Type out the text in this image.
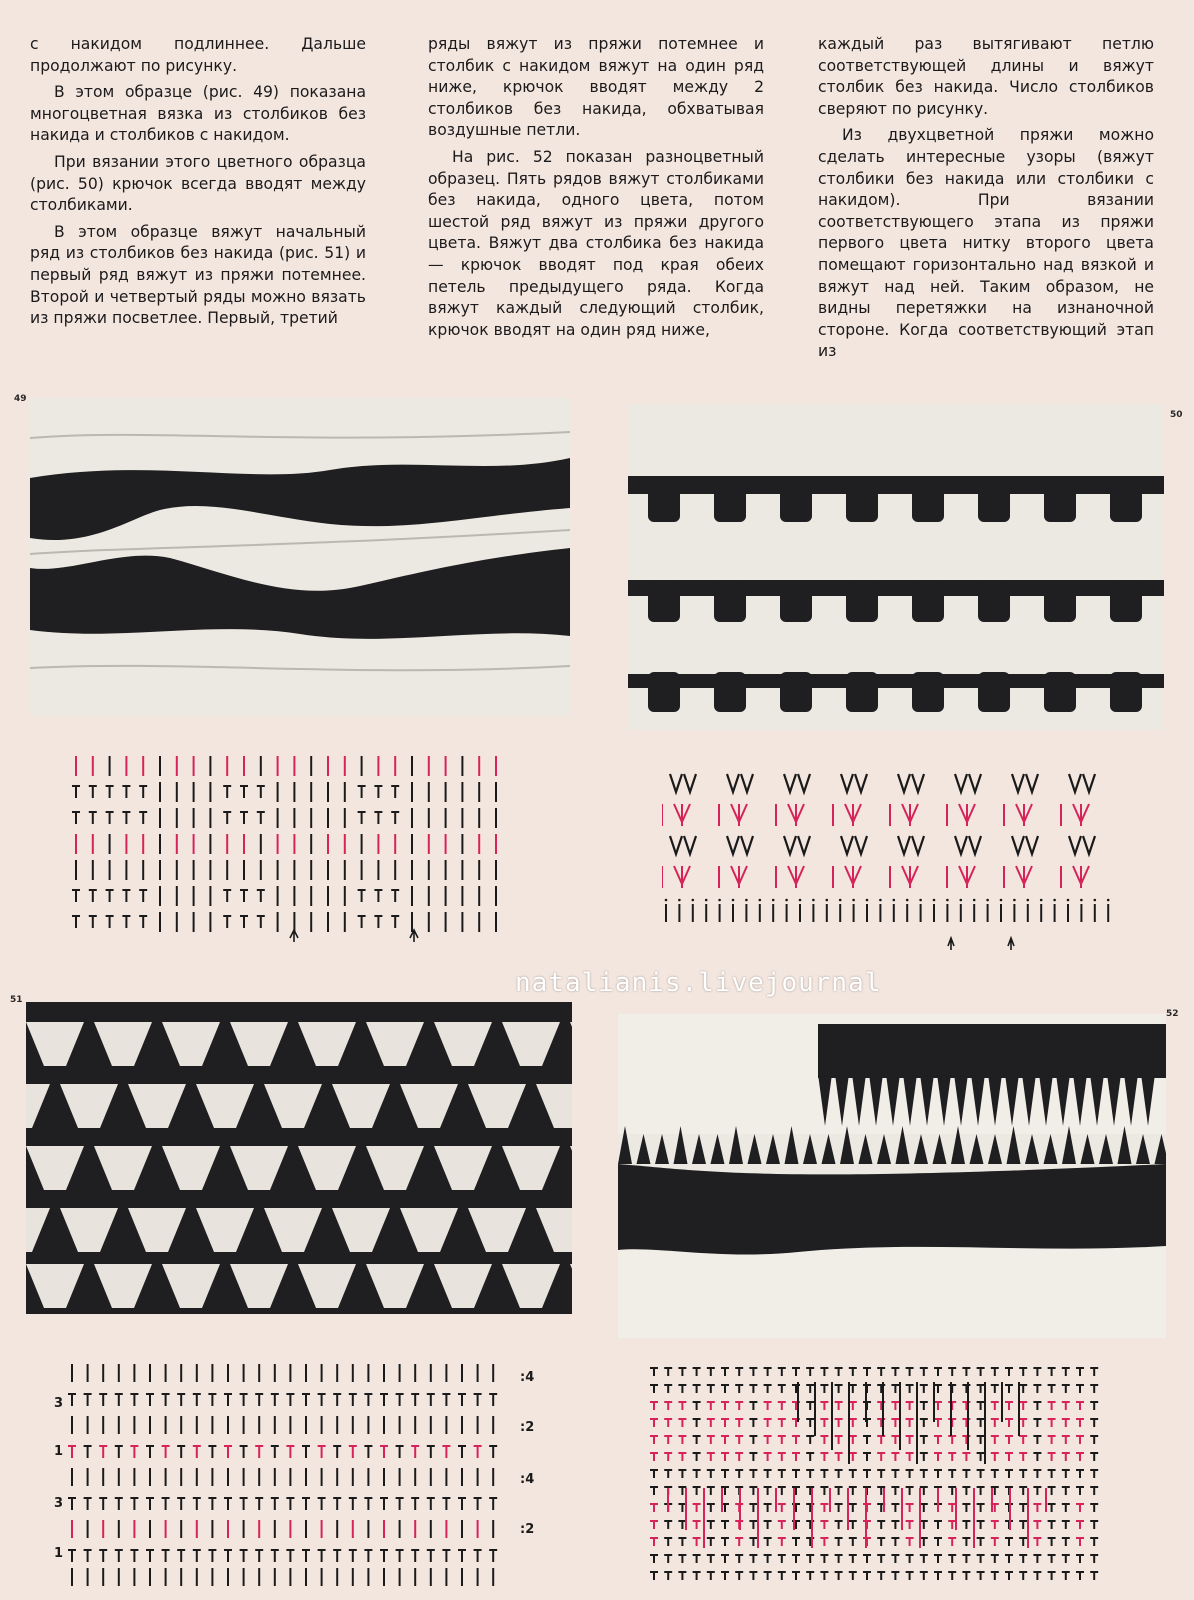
с накидом подлиннее. Дальше продолжают по рисунку.

В этом образце (рис. 49) показана многоцветная вязка из столбиков без накида и столбиков с накидом.

При вязании этого цветного образца (рис. 50) крючок всегда вводят между столбиками.

В этом образце вяжут начальный ряд из столбиков без накида (рис. 51) и первый ряд вяжут из пряжи потемнее. Второй и четвертый ряды можно вязать из пряжи посветлее. Первый, третий

ряды вяжут из пряжи потемнее и столбик с накидом вяжут на один ряд ниже, крючок вводят между 2 столбиков без накида, обхватывая воздушные петли.

На рис. 52 показан разноцветный образец. Пять рядов вяжут столбиками без накида, одного цвета, потом шестой ряд вяжут из пряжи другого цвета. Вяжут два столбика без накида — крючок вводят под края обеих петель предыдущего ряда. Когда вяжут каждый следующий столбик, крючок вводят на один ряд ниже,

каждый раз вытягивают петлю соответствующей длины и вяжут столбик без накида. Число столбиков сверяют по рисунку.

Из двухцветной пряжи можно сделать интересные узоры (вяжут столбики без накида или столбики с накидом). При вязании соответствующего этапа из пряжи первого цвета нитку второго цвета помещают горизонтально над вязкой и вяжут над ней. Таким образом, не видны перетяжки на изнаночной стороне. Когда соответствующий этап из

49
50
51
52
3
1
3
1
:4
:2
:4
:2
natalianis.livejournal
